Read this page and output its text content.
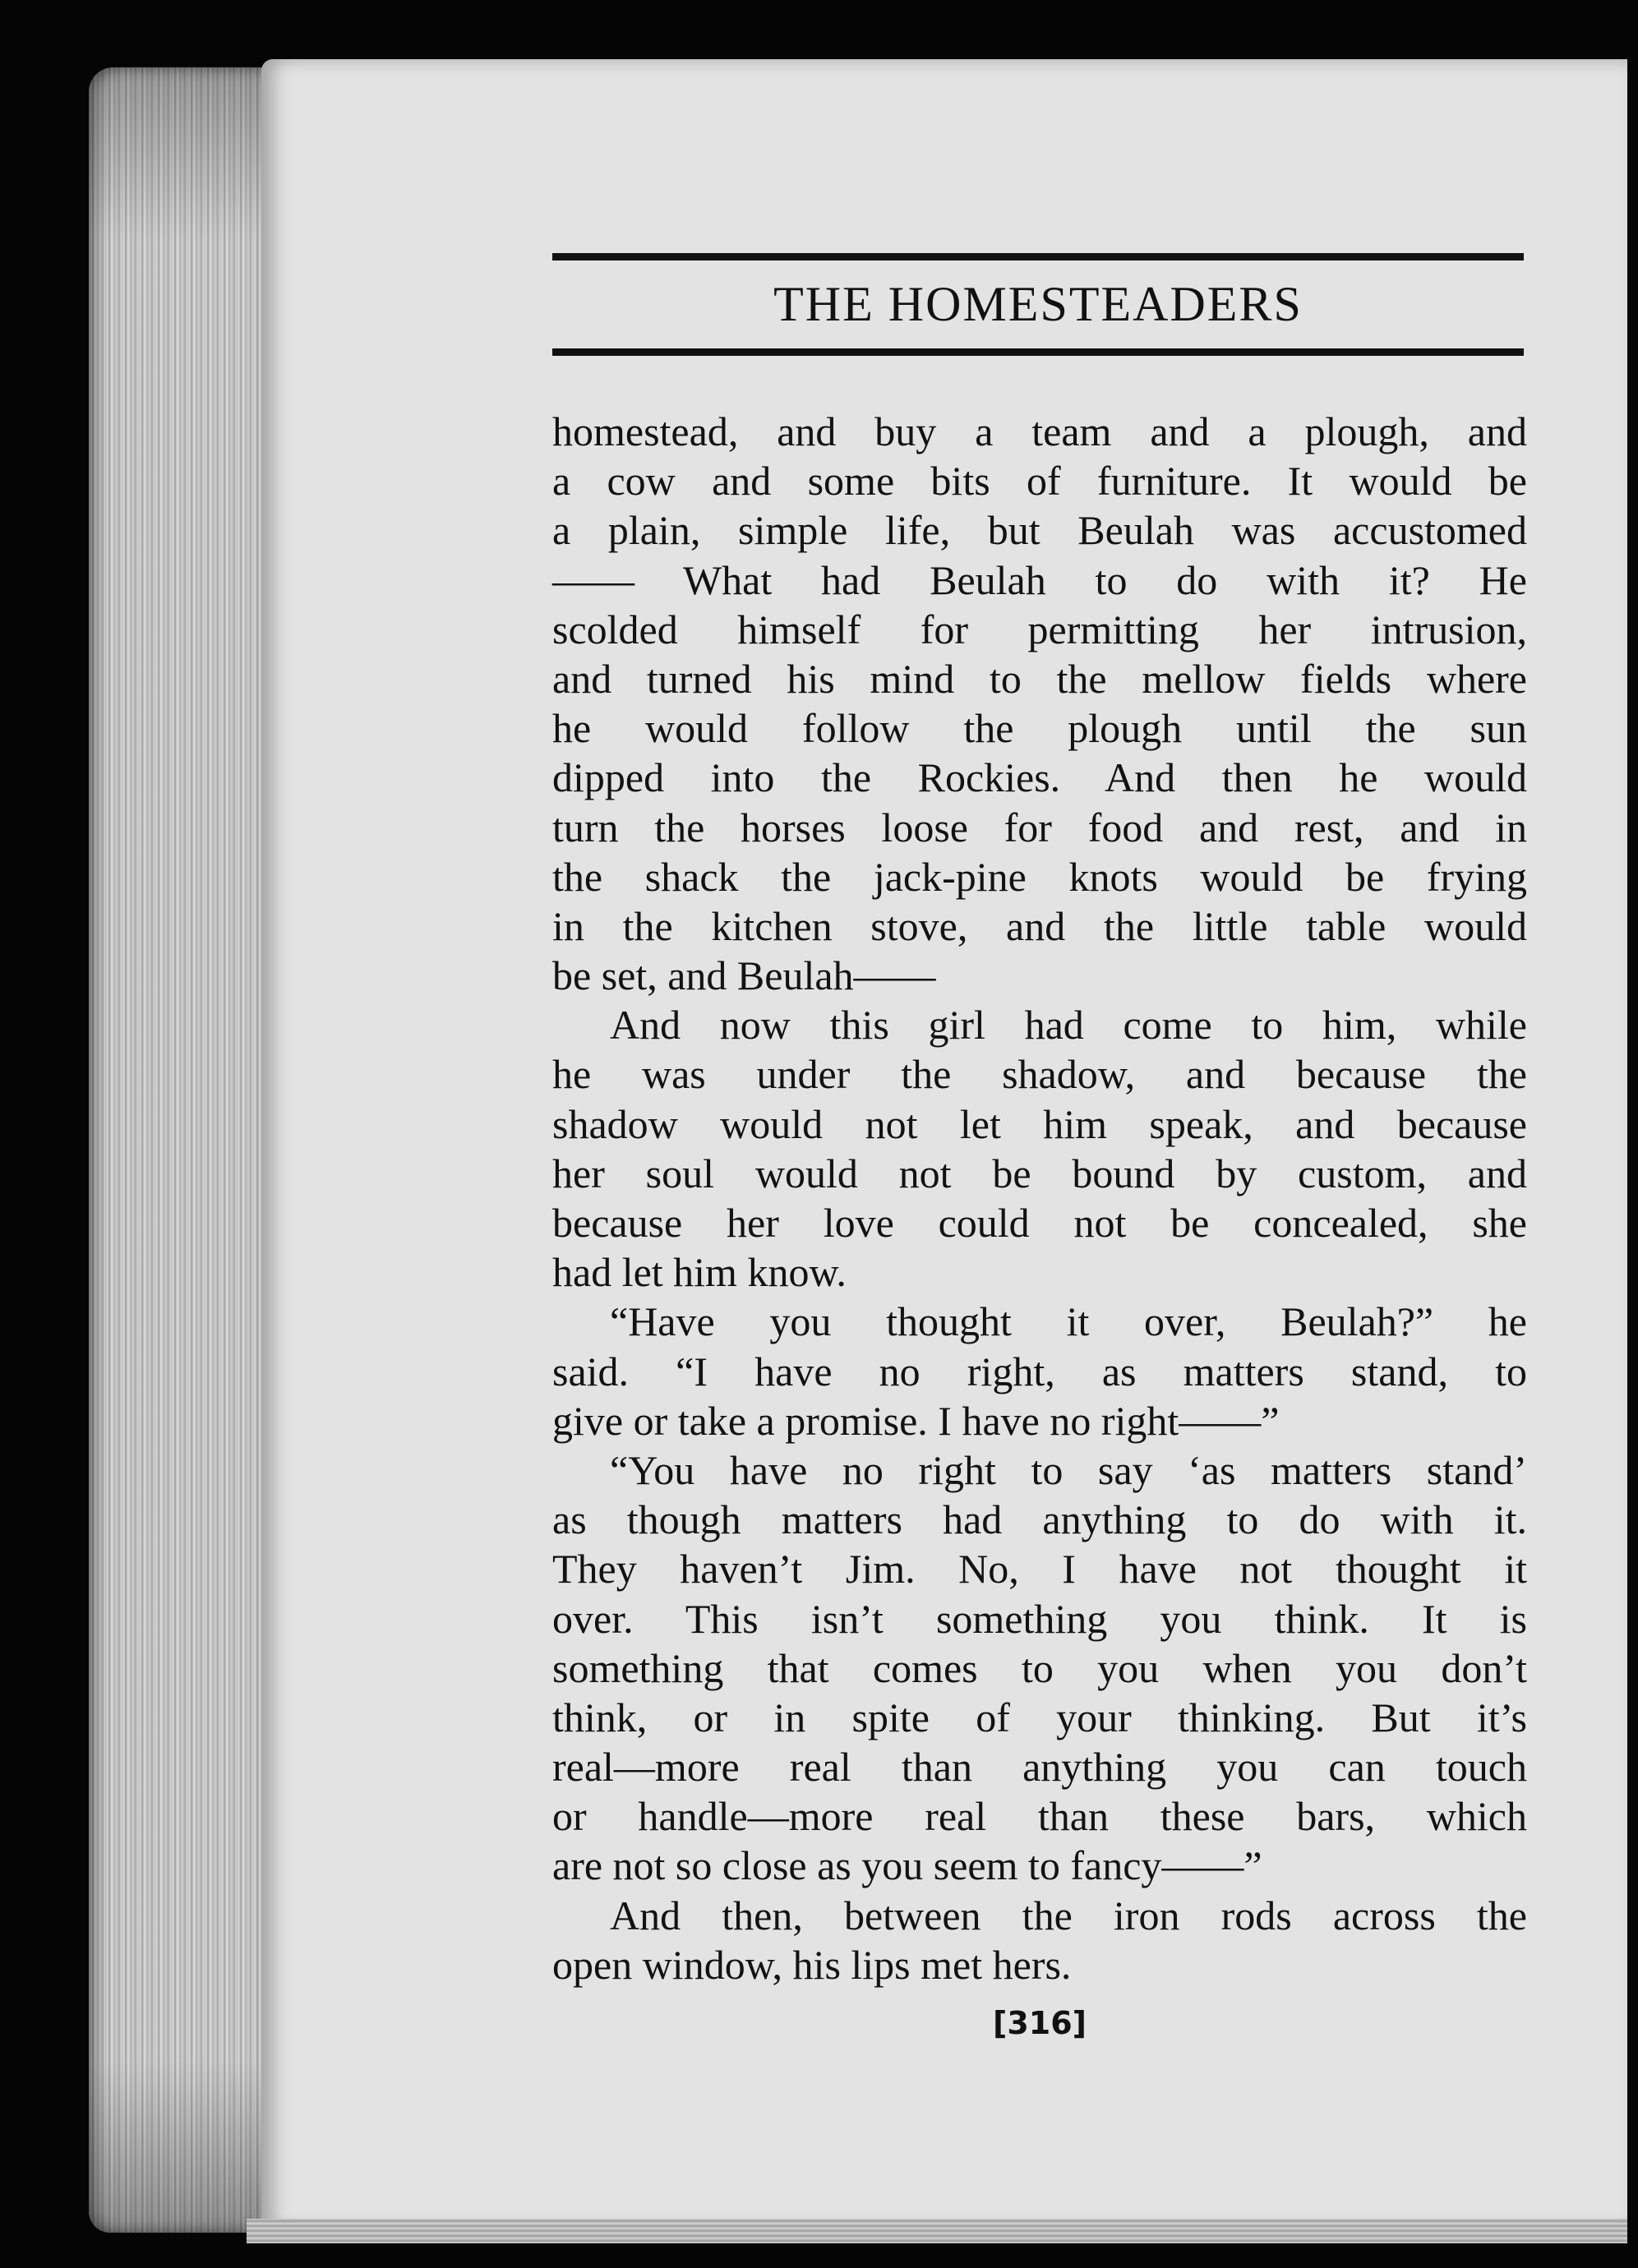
THE HOMESTEADERS
homestead, and buy a team and a plough, and
a cow and some bits of furniture. It would be
a plain, simple life, but Beulah was accustomed
—— What had Beulah to do with it? He
scolded himself for permitting her intrusion,
and turned his mind to the mellow fields where
he would follow the plough until the sun
dipped into the Rockies. And then he would
turn the horses loose for food and rest, and in
the shack the jack-pine knots would be frying
in the kitchen stove, and the little table would
be set, and Beulah——
And now this girl had come to him, while
he was under the shadow, and because the
shadow would not let him speak, and because
her soul would not be bound by custom, and
because her love could not be concealed, she
had let him know.
“Have you thought it over, Beulah?” he
said. “I have no right, as matters stand, to
give or take a promise. I have no right——”
“You have no right to say ‘as matters stand’
as though matters had anything to do with it.
They haven’t Jim. No, I have not thought it
over. This isn’t something you think. It is
something that comes to you when you don’t
think, or in spite of your thinking. But it’s
real—more real than anything you can touch
or handle—more real than these bars, which
are not so close as you seem to fancy——”
And then, between the iron rods across the
open window, his lips met hers.
[316]
